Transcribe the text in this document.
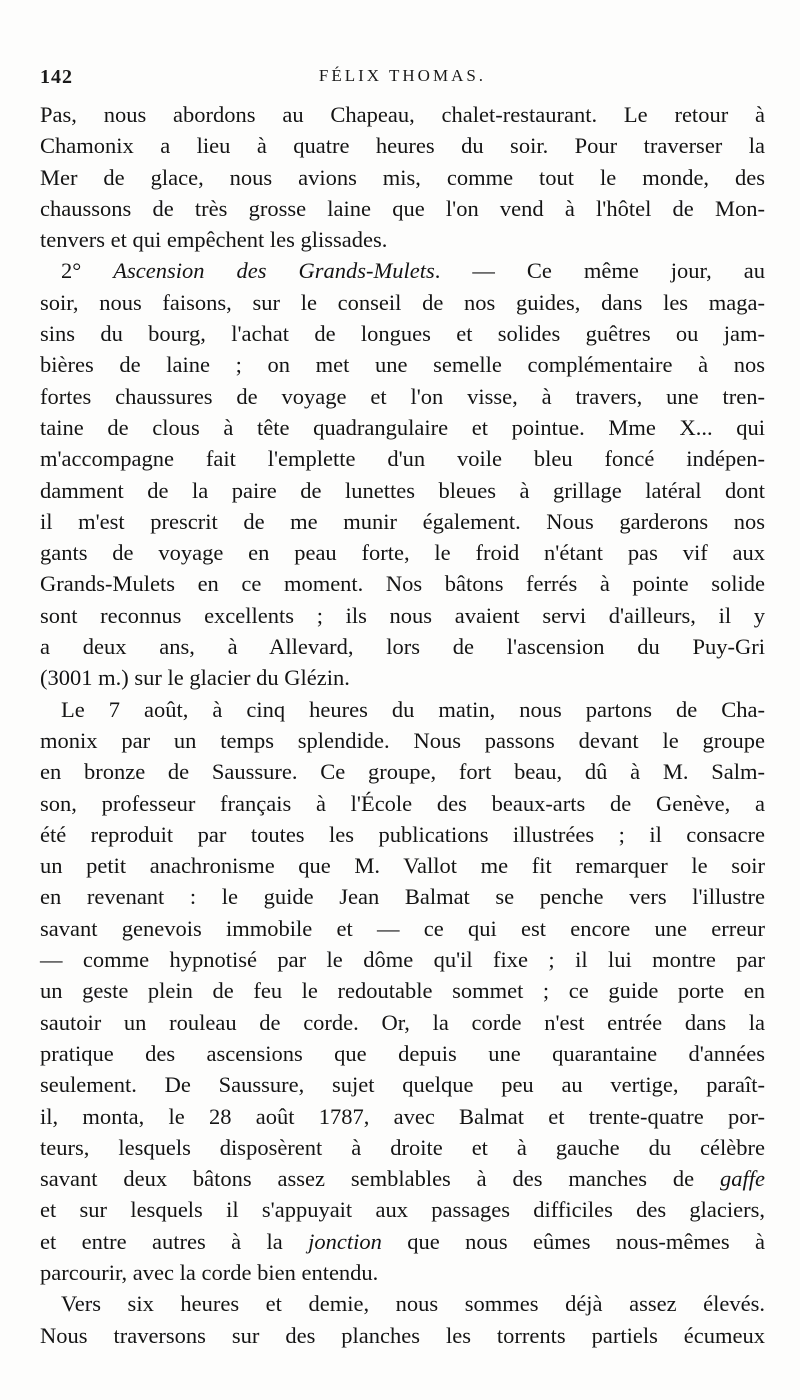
142	FÉLIX THOMAS.

Pas, nous abordons au Chapeau, chalet-restaurant. Le retour à
Chamonix a lieu à quatre heures du soir. Pour traverser la
Mer de glace, nous avions mis, comme tout le monde, des
chaussons de très grosse laine que l'on vend à l'hôtel de Mon-
tenvers et qui empêchent les glissades.

2° Ascension des Grands-Mulets. — Ce même jour, au
soir, nous faisons, sur le conseil de nos guides, dans les maga-
sins du bourg, l'achat de longues et solides guêtres ou jam-
bières de laine ; on met une semelle complémentaire à nos
fortes chaussures de voyage et l'on visse, à travers, une tren-
taine de clous à tête quadrangulaire et pointue. Mme X... qui
m'accompagne fait l'emplette d'un voile bleu foncé indépen-
damment de la paire de lunettes bleues à grillage latéral dont
il m'est prescrit de me munir également. Nous garderons nos
gants de voyage en peau forte, le froid n'étant pas vif aux
Grands-Mulets en ce moment. Nos bâtons ferrés à pointe solide
sont reconnus excellents ; ils nous avaient servi d'ailleurs, il y
a deux ans, à Allevard, lors de l'ascension du Puy-Gri
(3001 m.) sur le glacier du Glézin.

Le 7 août, à cinq heures du matin, nous partons de Cha-
monix par un temps splendide. Nous passons devant le groupe
en bronze de Saussure. Ce groupe, fort beau, dû à M. Salm-
son, professeur français à l'École des beaux-arts de Genève, a
été reproduit par toutes les publications illustrées ; il consacre
un petit anachronisme que M. Vallot me fit remarquer le soir
en revenant : le guide Jean Balmat se penche vers l'illustre
savant genevois immobile et — ce qui est encore une erreur
— comme hypnotisé par le dôme qu'il fixe ; il lui montre par
un geste plein de feu le redoutable sommet ; ce guide porte en
sautoir un rouleau de corde. Or, la corde n'est entrée dans la
pratique des ascensions que depuis une quarantaine d'années
seulement. De Saussure, sujet quelque peu au vertige, paraît-
il, monta, le 28 août 1787, avec Balmat et trente-quatre por-
teurs, lesquels disposèrent à droite et à gauche du célèbre
savant deux bâtons assez semblables à des manches de gaffe
et sur lesquels il s'appuyait aux passages difficiles des glaciers,
et entre autres à la jonction que nous eûmes nous-mêmes à
parcourir, avec la corde bien entendu.

Vers six heures et demie, nous sommes déjà assez élevés.
Nous traversons sur des planches les torrents partiels écumeux
